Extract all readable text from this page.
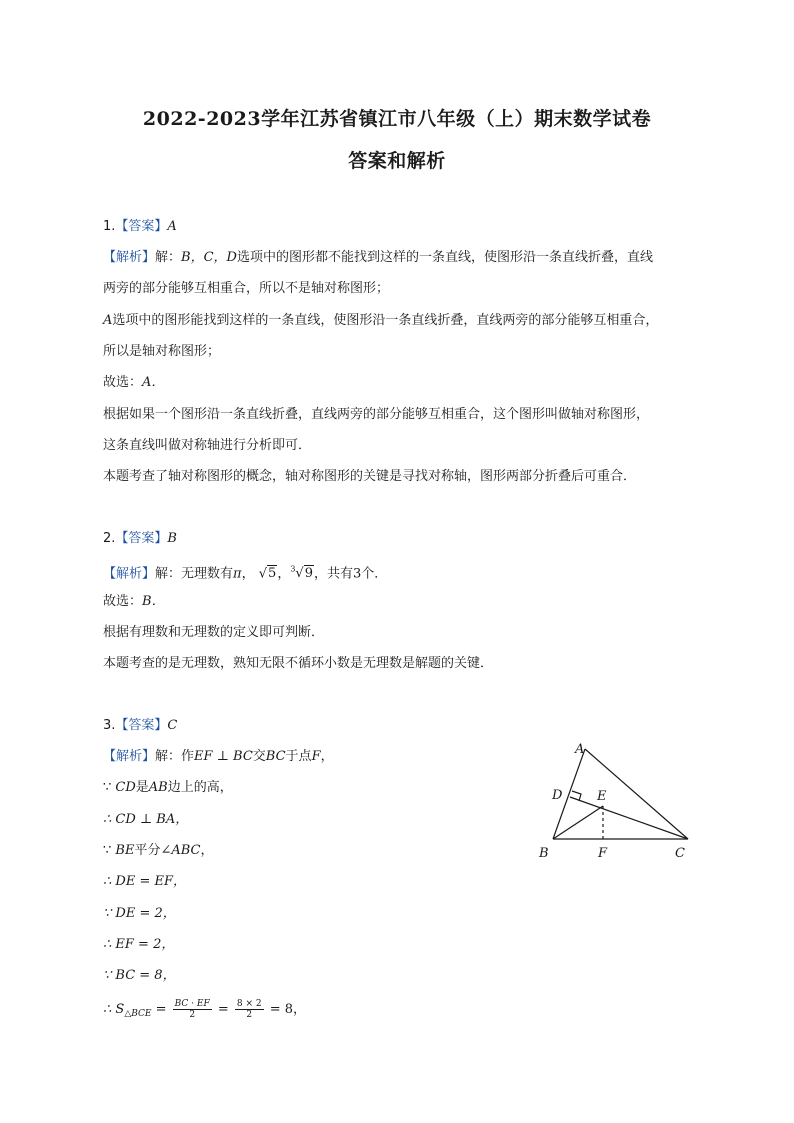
2022-2023学年江苏省镇江市八年级（上）期末数学试卷
答案和解析
1.【答案】A
【解析】解：B，C，D选项中的图形都不能找到这样的一条直线，使图形沿一条直线折叠，直线
两旁的部分能够互相重合，所以不是轴对称图形；
A选项中的图形能找到这样的一条直线，使图形沿一条直线折叠，直线两旁的部分能够互相重合，
所以是轴对称图形；
故选：A．
根据如果一个图形沿一条直线折叠，直线两旁的部分能够互相重合，这个图形叫做轴对称图形，
这条直线叫做对称轴进行分析即可．
本题考查了轴对称图形的概念，轴对称图形的关键是寻找对称轴，图形两部分折叠后可重合．
2.【答案】B
【解析】解：无理数有π， √5，$^3$√9，共有3个．
故选：B．
根据有理数和无理数的定义即可判断．
本题考查的是无理数，熟知无限不循环小数是无理数是解题的关键．
3.【答案】C
【解析】解：作EF ⊥ BC交BC于点F，
∵ CD是AB边上的高，
∴ CD ⊥ BA，
∵ BE平分∠ABC，
∴ DE = EF，
∵ DE = 2，
∴ EF = 2，
∵ BC = 8，
∴ $S_{\triangle BCE} = \frac{BC \cdot EF}{2} = \frac{8 \times 2}{2} = 8$，
A
D	E
B	F	C
